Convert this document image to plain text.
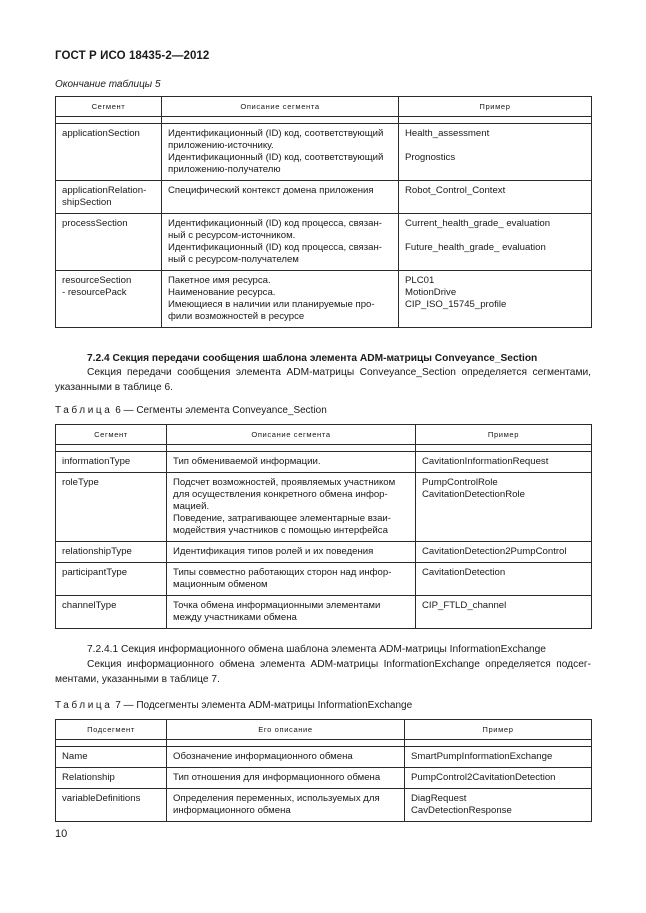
ГОСТ Р ИСО 18435-2—2012
Окончание таблицы 5
Сегмент	Описание сегмента	Пример

applicationSection	Идентификационный (ID) код, соответствующий
приложению-источнику.
Идентификационный (ID) код, соответствующий
приложению-получателю	Health_assessment
Prognostics

applicationRelation-
shipSection	Специфический контекст домена приложения	Robot_Control_Context

processSection	Идентификационный (ID) код процесса, связан-
ный с ресурсом-источником.
Идентификационный (ID) код процесса, связан-
ный с ресурсом-получателем	Current_health_grade_ evaluation
Future_health_grade_ evaluation

resourceSection
- resourcePack	Пакетное имя ресурса.
Наименование ресурса.
Имеющиеся в наличии или планируемые про-
фили возможностей в ресурсе	PLC01
MotionDrive
CIP_ISO_15745_profile
7.2.4 Секция передачи сообщения шаблона элемента ADM-матрицы Conveyance_Section
Секция передачи сообщения элемента ADM-матрицы Conveyance_Section определяется сегментами, указанными в таблице 6.
Таблица 6 — Сегменты элемента Conveyance_Section
Сегмент	Описание сегмента	Пример

informationType	Тип обмениваемой информации.	CavitationInformationRequest

roleType	Подсчет возможностей, проявляемых участником
для осуществления конкретного обмена инфор-
мацией.
Поведение, затрагивающее элементарные взаи-
модействия участников с помощью интерфейса	PumpControlRole
CavitationDetectionRole

relationshipType	Идентификация типов ролей и их поведения	CavitationDetection2PumpControl

participantType	Типы совместно работающих сторон над инфор-
мационным обменом	CavitationDetection

channelType	Точка обмена информационными элементами
между участниками обмена	CIP_FTLD_channel
7.2.4.1 Секция информационного обмена шаблона элемента ADM-матрицы InformationExchange
Секция информационного обмена элемента ADM-матрицы InformationExchange определяется подсег-ментами, указанными в таблице 7.
Таблица 7 — Подсегменты элемента ADM-матрицы InformationExchange
Подсегмент	Его описание	Пример

Name	Обозначение информационного обмена	SmartPumpInformationExchange

Relationship	Тип отношения для информационного обмена	PumpControl2CavitationDetection

variableDefinitions	Определения переменных, используемых для
информационного обмена	DiagRequest
CavDetectionResponse
10
